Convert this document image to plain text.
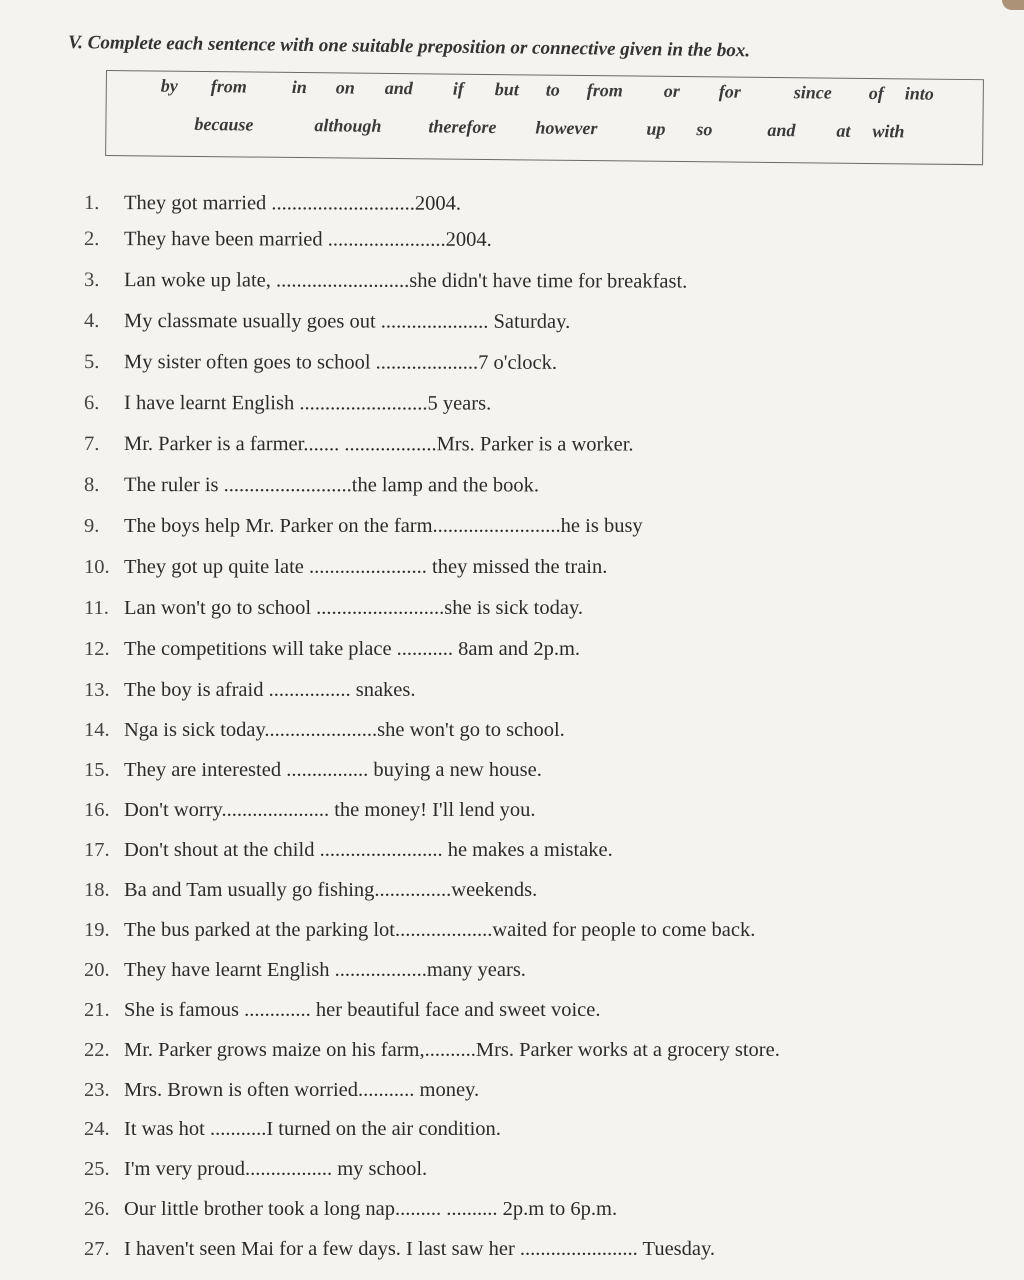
V. Complete each sentence with one suitable preposition or connective given in the box.
by from in on and if but to from or for	since of into
because	although	therefore however	up so	and at with
1. They got married ............................2004.
2. They have been married .......................2004.
3. Lan woke up late, ..........................she didn't have time for breakfast.
4. My classmate usually goes out ..................... Saturday.
5. My sister often goes to school ....................7 o'clock.
6. I have learnt English .........................5 years.
7. Mr. Parker is a farmer....... ..................Mrs. Parker is a worker.
8. The ruler is .........................the lamp and the book.
9. The boys help Mr. Parker on the farm.........................he is busy
10. They got up quite late ....................... they missed the train.
11. Lan won't go to school .........................she is sick today.
12. The competitions will take place ........... 8am and 2p.m.
13. The boy is afraid ................ snakes.
14. Nga is sick today......................she won't go to school.
15. They are interested ................ buying a new house.
16. Don't worry..................... the money! I'll lend you.
17. Don't shout at the child ........................ he makes a mistake.
18. Ba and Tam usually go fishing...............weekends.
19. The bus parked at the parking lot...................waited for people to come back.
20. They have learnt English ..................many years.
21. She is famous ............. her beautiful face and sweet voice.
22. Mr. Parker grows maize on his farm,..........Mrs. Parker works at a grocery store.
23. Mrs. Brown is often worried........... money.
24. It was hot ...........I turned on the air condition.
25. I'm very proud................. my school.
26. Our little brother took a long nap......... .......... 2p.m to 6p.m.
27. I haven't seen Mai for a few days. I last saw her ....................... Tuesday.
